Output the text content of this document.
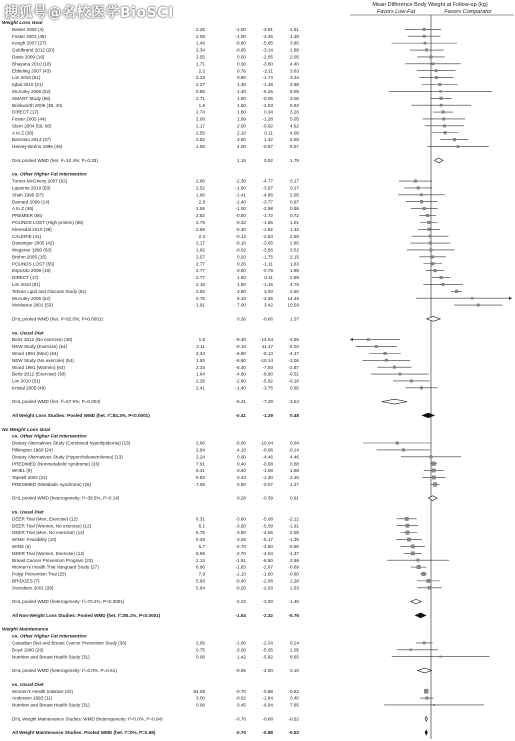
Mean Difference Body Weight at Follow-up (kg)
Favors Low-Fat	Favors Comparator
Weight Loss Goal
Baxter 2006 (4)	2.26	-1.00	-3.91	1.51
Foster 2003 (48)	2.08	-1.00	-3.45	1.39
Keogh 2007 (27)	1.49	-0.90	-5.85	3.85
Guldbrand 2012 (20)	2.34	-0.65	-3.14	1.88
Davis 2009 (16)	2.55	0.00	-2.05	2.05
Bhayana 2010 (18)	1.71	0.30	-3.80	4.40
Ebbeling 2007 (43)	2.2	0.76	-2.11	3.63
Lim 2010 (51)	2.33	0.80	-1.74	3.34
Iqbal 2010 (21)	2.27	1.30	-1.38	3.98
McAuley 2006 (52)	0.85	1.40	-6.25	9.05
SMART Study (58)	2.71	1.50	-0.06	3.06
Brinkworth 2009 (39, 40)	1.6	1.50	-2.93	5.93
DIRECT (17)	2.74	1.80	0.34	3.26
Foster 2005 (44)	2.08	1.89	-1.28	5.05
Stern 2004 (59, 60)	2.17	2.00	-0.92	4.92
A to Z (36)	2.55	2.10	0.11	4.09
Bazzano 2014 (37)	2.52	3.50	1.42	5.58
Harvey-Berino 1999 (46)	1.55	4.00	-0.57	8.57
DHL pooled WMD (het. I²=10.4%; P=0.33)	1.15	0.52	1.79
vs. Other Higher Fat Intervention
Turner-McGrievy 2007 (62)	2.86	-2.30	-4.77	0.17
Lapointe 2010 (50)	2.52	-1.90	-3.97	0.17
Shah 1996 (57)	1.96	-1.41	-4.86	2.05
Barnard 2009 (14)	2.8	-1.40	-3.77	0.97
A to Z (36)	2.56	-1.00	-2.98	0.98
PREMIER (56)	2.82	-0.50	-1.72	0.72
POUNDS LOST (High protein) (55)	2.79	-0.32	-1.65	1.01
Klemsdal 2010 (48)	2.69	-0.30	-1.92	1.32
CALERIE (41)	2.3	-0.12	-2.83	2.59
Dansinger 2005 (42)	2.17	-0.10	-3.05	2.85
Wegener 1990 (63)	1.92	-0.02	-3.56	3.52
Brehm 2005 (15)	2.57	0.20	-1.75	2.15
POUNDS LOST (55)	2.77	0.26	-1.11	1.63
Esposito 2009 (19)	2.77	0.60	-0.78	1.98
DIRECT (17)	2.77	1.50	0.11	2.89
Lim 2010 (51)	2.16	1.80	-1.15	4.75
Tehran Lipid and Glucose Study (61)	2.92	3.80	3.00	4.60
McAuley 2006 (52)	0.75	6.10	-2.26	14.46
McManus 2001 (53)	1.91	7.00	3.42	10.58
DHL pooled WMD (het. I²=82.0%; P<0.0001)	0.36	-0.66	1.37
vs. Usual Diet
Bertz 2012 (No exercise) (38)	1.5	-9.30	-14.04	-4.56
NEW Study (Exercise) (54)	2.11	-8.10	-11.17	-5.03
Wood 1991 (Men) (64)	2.34	-6.80	-9.13	-4.47
NEW Study (No exercise) (54)	1.92	-6.60	-10.14	-3.06
Wood 1991 (Women) (64)	2.34	-5.40	-7.93	-2.87
Bertz 2012 (Exercise) (38)	1.64	-4.60	-8.90	-0.31
Lim 2010 (51)	2.26	-2.90	-5.62	-0.18
Kristal 2005 (49)	2.41	-1.40	-3.75	0.95
DHL pooled WMD (het. I²=67.5%; P=0.003)	-5.41	-7.29	-3.54
All Weight Loss Studies: Pooled WMD (het. I²=84.3%, P<0.0001)	-0.41	-1.29	0.48
No Weight Loss Goal
vs. Other Higher Fat Intervention
Dietary Alternatives Study (Combined hyperlipidemia) (13)	2.86	-5.00	-10.04	0.04
Pilkington 1960 (24)	2.64	-4.10	-8.06	-0.14
Dietary Alternatives Study (Hypercholesterolemia) (13)	2.24	0.00	-4.46	4.46
PREDIMED (Nonmetabolic syndrome) (26)	7.91	0.40	-0.08	0.88
WHEL (9)	6.31	0.40	-1.08	1.88
Tapsell 2004 (22)	5.83	0.43	-1.30	2.16
PREDIMED (Metabolic syndrome) (26)	7.69	0.60	-0.07	1.27
DHL pooled WMD (heterogeneity: I²=38.5%, P=0.14)	0.26	-0.39	0.91
vs. Usual Diet
DEER Trial (Men, Exercise) (12)	6.31	-3.60	-5.08	-2.12
DEER Trial (Women, No exercise) (12)	6.1	-3.50	-5.09	-1.91
DEER Trial (Men, No exercise) (12)	6.75	-3.50	-4.55	-2.05
WINS: Feasibility (10)	5.49	-3.26	-5.17	-1.35
WINS (6)	5.7	-2.70	-4.50	-0.90
DEER Trial (Women, Exercise) (12)	6.59	-2.70	-4.04	-1.37
Breast Cancer Prevention Program (23)	2.14	-1.91	-6.50	2.68
Women's Health Trial Vanguard Study (27)	6.96	-1.83	-2.97	-0.69
Polyp Prevention Trial (25)	7.9	-1.10	-1.60	-0.60
BRIDGES (7)	5.93	-0.40	-2.08	1.28
Svendsen 2001 (28)	5.64	-0.20	-2.03	1.63
DHL pooled WMD (heterogeneity: I²=70.4%, P<0.0001)	-2.22	-3.00	-1.45
All Non-Weight Loss Studies: Pooled WMD (het. I²=85.1%, P<0.0001)	-1.54	-2.32	-0.76
Weight Maintenance
vs. Other Higher Fat Intervention
Canadian Diet and Breast Cancer Prevention Study (30)	2.05	-1.00	-2.24	0.24
Boyd 1990 (29)	0.75	-3.00	-5.05	1.05
Nutrition and Breast Health Study (31)	0.06	1.42	-5.82	8.65
DHL pooled WMD (heterogeneity: I²=0.0%, P=0.61)	-0.95	-2.00	0.10
vs. Usual Diet
Women's Health Initiative (32)	94.08	-0.70	-0.88	-0.52
Anderson 1992 (11)	3.00	-0.62	-1.64	0.40
Nutrition and Breast Health Study (31)	0.06	0.45	-6.94	7.85
DHL Weight Maintenance Studies: WMD (heterogeneity: I²=0.0%, P=0.94)	-0.70	-0.88	-0.52
All Weight Maintenance Studies: Pooled WMD (het. I²=0%, P=0.98)	-0.70	-0.88	-0.53
搜狐号@名校医学BioSCI
